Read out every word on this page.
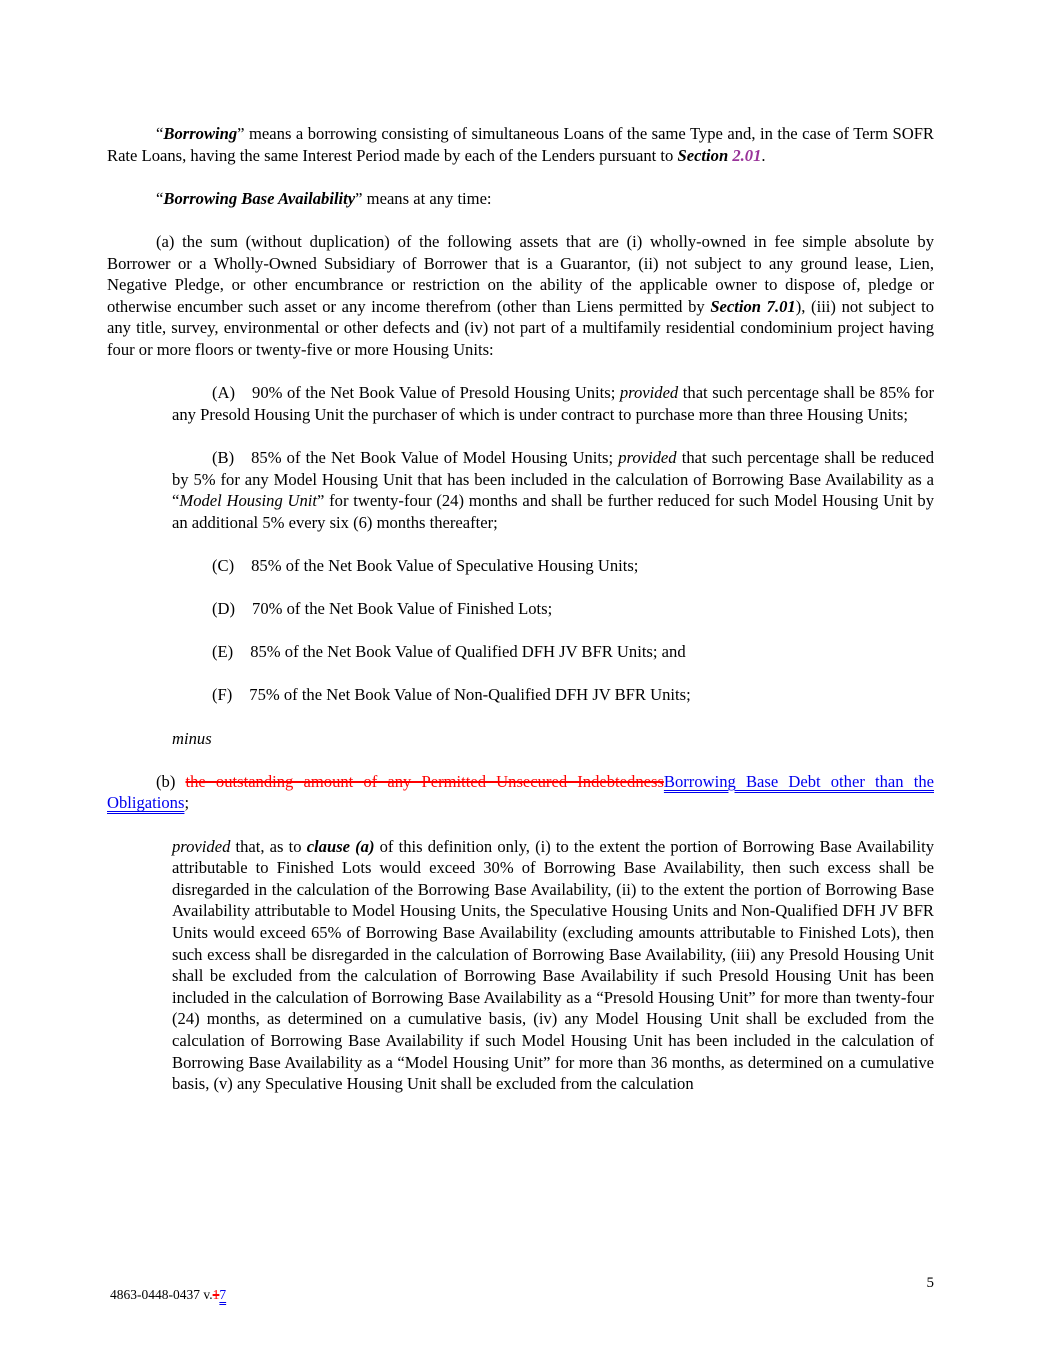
“Borrowing” means a borrowing consisting of simultaneous Loans of the same Type and, in the case of Term SOFR Rate Loans, having the same Interest Period made by each of the Lenders pursuant to Section 2.01.

“Borrowing Base Availability” means at any time:

(a) the sum (without duplication) of the following assets that are (i) wholly-owned in fee simple absolute by Borrower or a Wholly-Owned Subsidiary of Borrower that is a Guarantor, (ii) not subject to any ground lease, Lien, Negative Pledge, or other encumbrance or restriction on the ability of the applicable owner to dispose of, pledge or otherwise encumber such asset or any income therefrom (other than Liens permitted by Section 7.01), (iii) not subject to any title, survey, environmental or other defects and (iv) not part of a multifamily residential condominium project having four or more floors or twenty-five or more Housing Units:

(A) 90% of the Net Book Value of Presold Housing Units; provided that such percentage shall be 85% for any Presold Housing Unit the purchaser of which is under contract to purchase more than three Housing Units;

(B) 85% of the Net Book Value of Model Housing Units; provided that such percentage shall be reduced by 5% for any Model Housing Unit that has been included in the calculation of Borrowing Base Availability as a “Model Housing Unit” for twenty-four (24) months and shall be further reduced for such Model Housing Unit by an additional 5% every six (6) months thereafter;

(C) 85% of the Net Book Value of Speculative Housing Units;

(D) 70% of the Net Book Value of Finished Lots;

(E) 85% of the Net Book Value of Qualified DFH JV BFR Units; and

(F) 75% of the Net Book Value of Non-Qualified DFH JV BFR Units;

minus

(b) the outstanding amount of any Permitted Unsecured IndebtednessBorrowing Base Debt other than the Obligations;

provided that, as to clause (a) of this definition only, (i) to the extent the portion of Borrowing Base Availability attributable to Finished Lots would exceed 30% of Borrowing Base Availability, then such excess shall be disregarded in the calculation of the Borrowing Base Availability, (ii) to the extent the portion of Borrowing Base Availability attributable to Model Housing Units, the Speculative Housing Units and Non-Qualified DFH JV BFR Units would exceed 65% of Borrowing Base Availability (excluding amounts attributable to Finished Lots), then such excess shall be disregarded in the calculation of Borrowing Base Availability, (iii) any Presold Housing Unit shall be excluded from the calculation of Borrowing Base Availability if such Presold Housing Unit has been included in the calculation of Borrowing Base Availability as a “Presold Housing Unit” for more than twenty-four (24) months, as determined on a cumulative basis, (iv) any Model Housing Unit shall be excluded from the calculation of Borrowing Base Availability if such Model Housing Unit has been included in the calculation of Borrowing Base Availability as a “Model Housing Unit” for more than 36 months, as determined on a cumulative basis, (v) any Speculative Housing Unit shall be excluded from the calculation

4863-0448-0437 v.17
5
